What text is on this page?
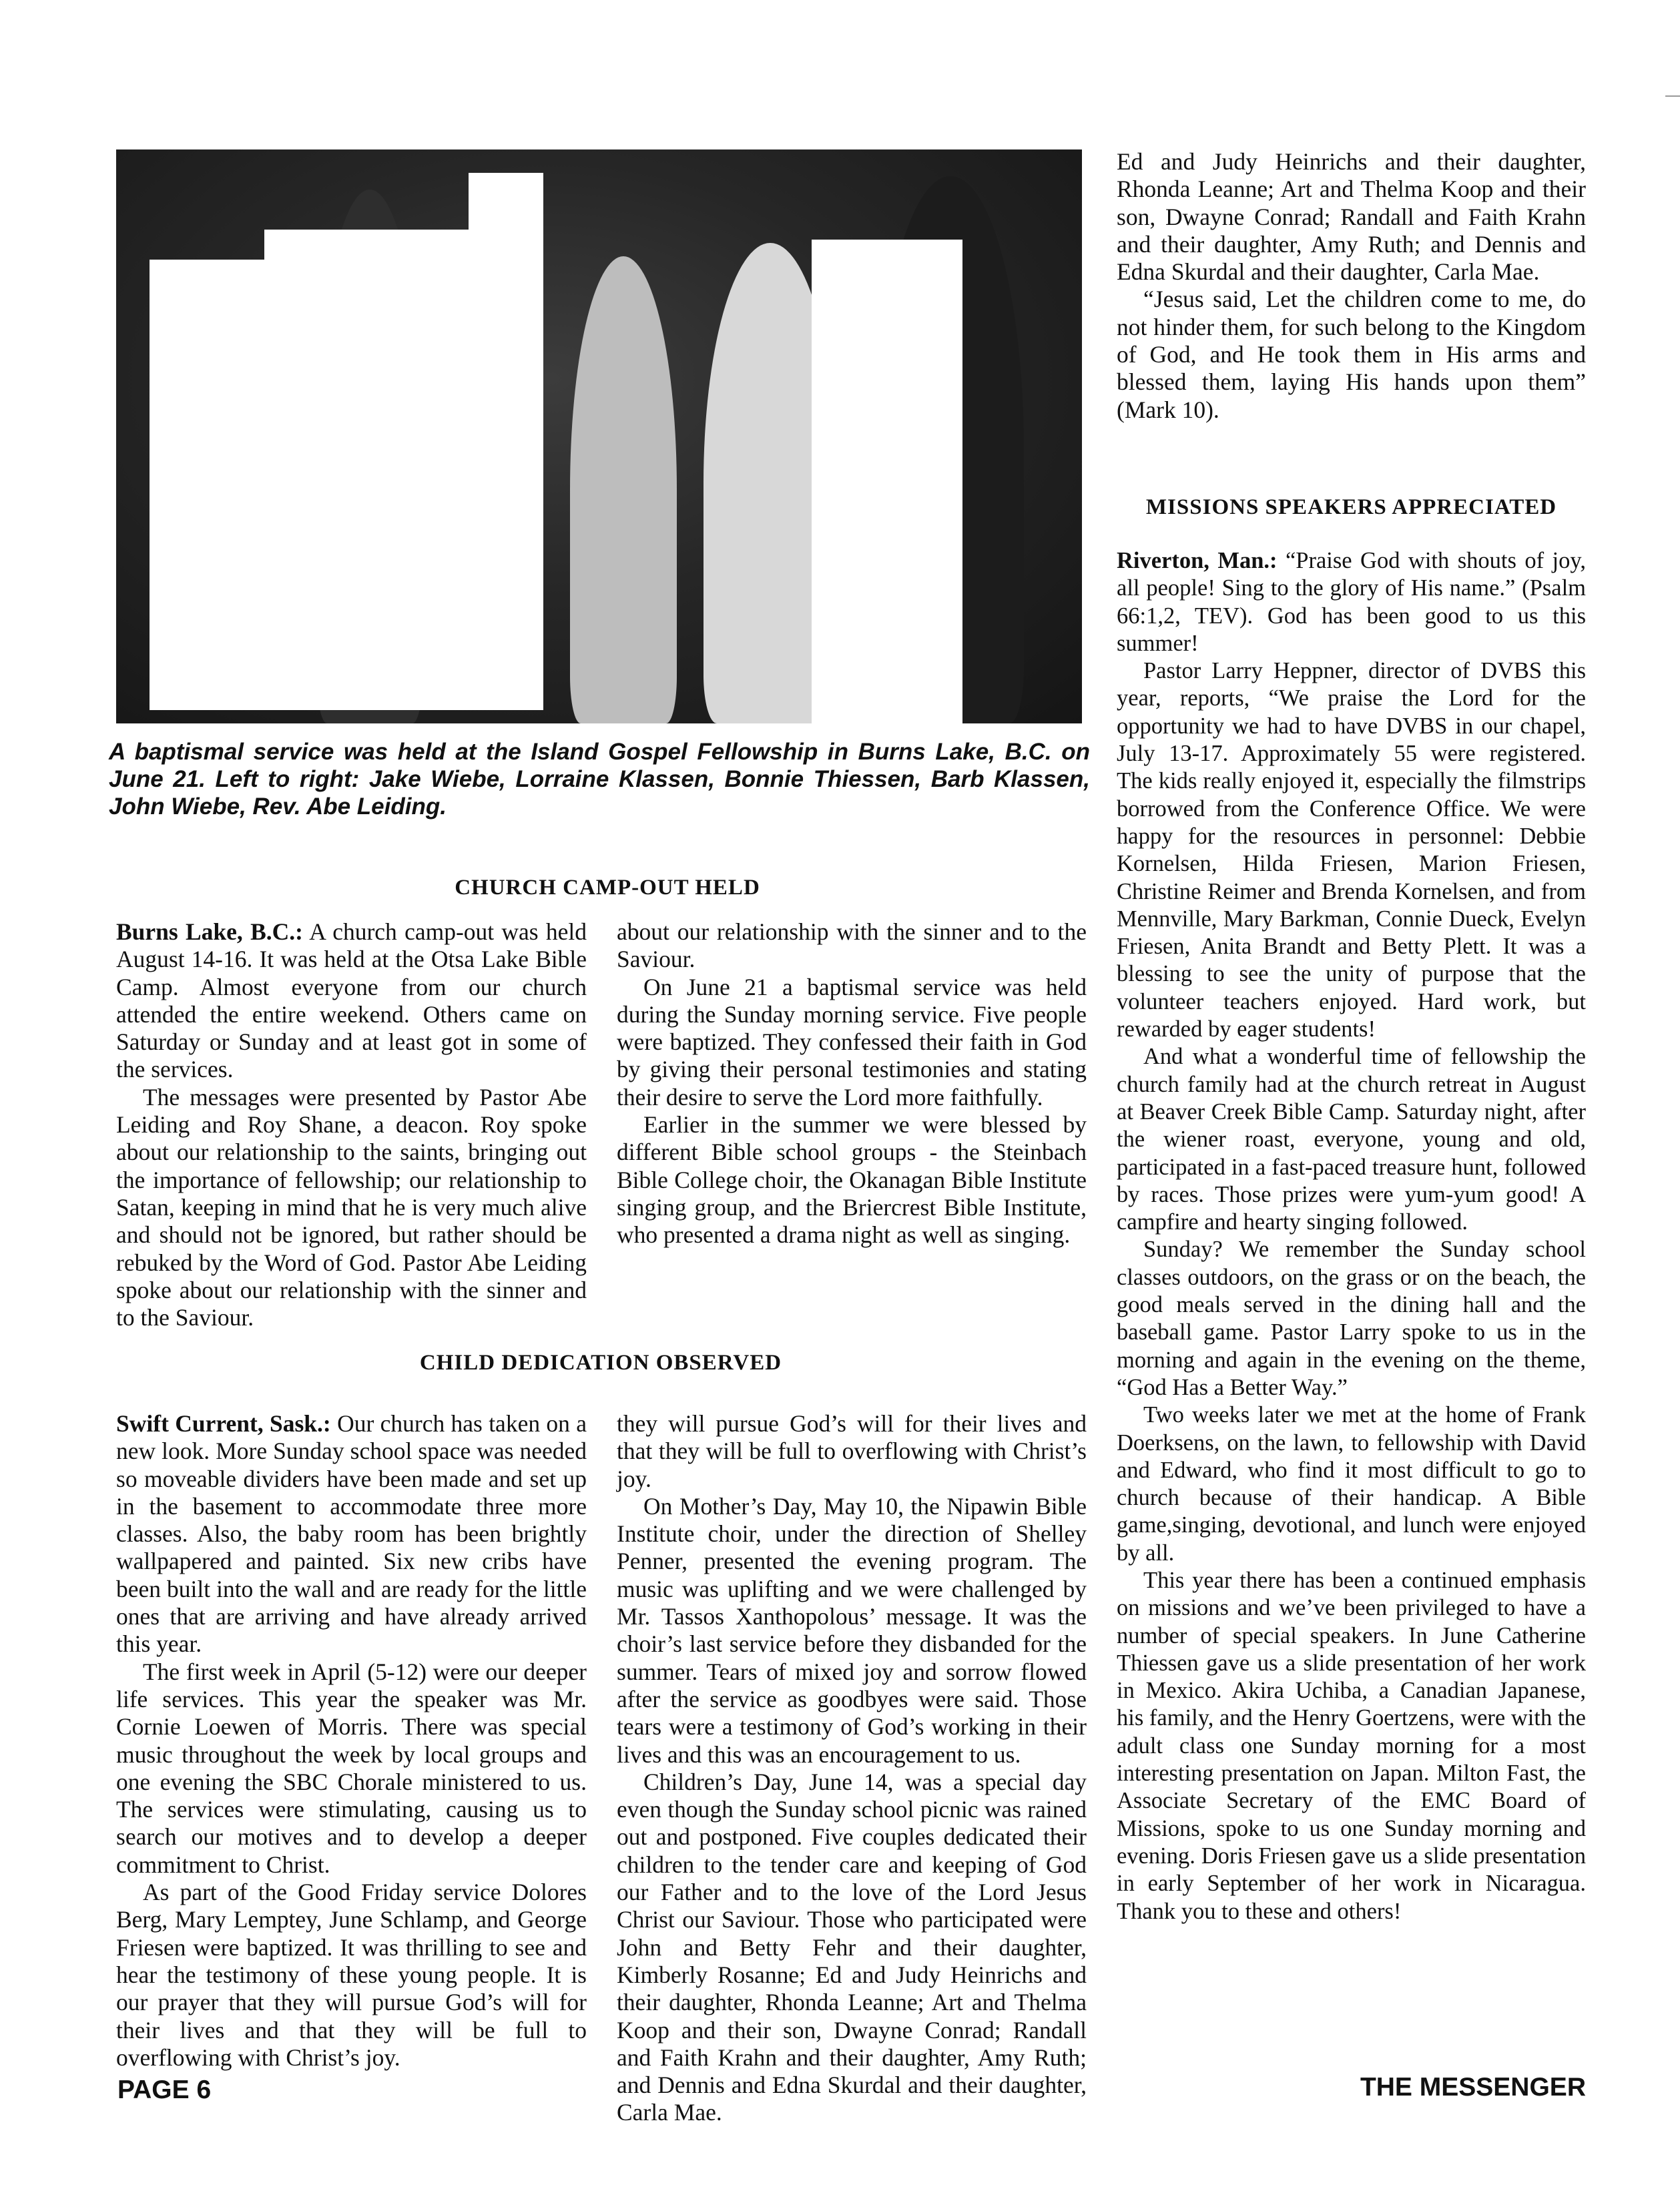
A baptismal service was held at the Island Gospel Fellowship in Burns Lake, B.C. on June 21. Left to right: Jake Wiebe, Lorraine Klassen, Bonnie Thiessen, Barb Klassen, John Wiebe, Rev. Abe Leiding.

CHURCH CAMP-OUT HELD

Burns Lake, B.C.: A church camp-out was held August 14-16. It was held at the Otsa Lake Bible Camp. Almost everyone from our church attended the entire weekend. Others came on Saturday or Sunday and at least got in some of the services.

The messages were presented by Pastor Abe Leiding and Roy Shane, a deacon. Roy spoke about our relationship to the saints, bringing out the importance of fellowship; our relationship to Satan, keeping in mind that he is very much alive and should not be ignored, but rather should be rebuked by the Word of God. Pastor Abe Leiding spoke about our relationship with the sinner and to the Saviour.

about our relationship with the sinner and to the Saviour.

On June 21 a baptismal service was held during the Sunday morning service. Five people were baptized. They confessed their faith in God by giving their personal testimonies and stating their desire to serve the Lord more faithfully.

Earlier in the summer we were blessed by different Bible school groups - the Steinbach Bible College choir, the Okanagan Bible Institute singing group, and the Briercrest Bible Institute, who presented a drama night as well as singing.

CHILD DEDICATION OBSERVED

Swift Current, Sask.: Our church has taken on a new look. More Sunday school space was needed so moveable dividers have been made and set up in the basement to accommodate three more classes. Also, the baby room has been brightly wallpapered and painted. Six new cribs have been built into the wall and are ready for the little ones that are arriving and have already arrived this year.

The first week in April (5-12) were our deeper life services. This year the speaker was Mr. Cornie Loewen of Morris. There was special music throughout the week by local groups and one evening the SBC Chorale ministered to us. The services were stimulating, causing us to search our motives and to develop a deeper commitment to Christ.

As part of the Good Friday service Dolores Berg, Mary Lemptey, June Schlamp, and George Friesen were baptized. It was thrilling to see and hear the testimony of these young people. It is our prayer that they will pursue God’s will for their lives and that they will be full to overflowing with Christ’s joy.

they will pursue God’s will for their lives and that they will be full to overflowing with Christ’s joy.

On Mother’s Day, May 10, the Nipawin Bible Institute choir, under the direction of Shelley Penner, presented the evening program. The music was uplifting and we were challenged by Mr. Tassos Xanthopolous’ message. It was the choir’s last service before they disbanded for the summer. Tears of mixed joy and sorrow flowed after the service as goodbyes were said. Those tears were a testimony of God’s working in their lives and this was an encouragement to us.

Children’s Day, June 14, was a special day even though the Sunday school picnic was rained out and postponed. Five couples dedicated their children to the tender care and keeping of God our Father and to the love of the Lord Jesus Christ our Saviour. Those who participated were John and Betty Fehr and their daughter, Kimberly Rosanne; Ed and Judy Heinrichs and their daughter, Rhonda Leanne; Art and Thelma Koop and their son, Dwayne Conrad; Randall and Faith Krahn and their daughter, Amy Ruth; and Dennis and Edna Skurdal and their daughter, Carla Mae.

Ed and Judy Heinrichs and their daughter, Rhonda Leanne; Art and Thelma Koop and their son, Dwayne Conrad; Randall and Faith Krahn and their daughter, Amy Ruth; and Dennis and Edna Skurdal and their daughter, Carla Mae.

“Jesus said, Let the children come to me, do not hinder them, for such belong to the Kingdom of God, and He took them in His arms and blessed them, laying His hands upon them” (Mark 10).

MISSIONS SPEAKERS APPRECIATED

Riverton, Man.: “Praise God with shouts of joy, all people! Sing to the glory of His name.” (Psalm 66:1,2, TEV). God has been good to us this summer!

Pastor Larry Heppner, director of DVBS this year, reports, “We praise the Lord for the opportunity we had to have DVBS in our chapel, July 13-17. Approximately 55 were registered. The kids really enjoyed it, especially the filmstrips borrowed from the Conference Office. We were happy for the resources in personnel: Debbie Kornelsen, Hilda Friesen, Marion Friesen, Christine Reimer and Brenda Kornelsen, and from Mennville, Mary Barkman, Connie Dueck, Evelyn Friesen, Anita Brandt and Betty Plett. It was a blessing to see the unity of purpose that the volunteer teachers enjoyed. Hard work, but rewarded by eager students!

And what a wonderful time of fellowship the church family had at the church retreat in August at Beaver Creek Bible Camp. Saturday night, after the wiener roast, everyone, young and old, participated in a fast-paced treasure hunt, followed by races. Those prizes were yum-yum good! A campfire and hearty singing followed.

Sunday? We remember the Sunday school classes outdoors, on the grass or on the beach, the good meals served in the dining hall and the baseball game. Pastor Larry spoke to us in the morning and again in the evening on the theme, “God Has a Better Way.”

Two weeks later we met at the home of Frank Doerksens, on the lawn, to fellowship with David and Edward, who find it most difficult to go to church because of their handicap. A Bible game,singing, devotional, and lunch were enjoyed by all.

This year there has been a continued emphasis on missions and we’ve been privileged to have a number of special speakers. In June Catherine Thiessen gave us a slide presentation of her work in Mexico. Akira Uchiba, a Canadian Japanese, his family, and the Henry Goertzens, were with the adult class one Sunday morning for a most interesting presentation on Japan. Milton Fast, the Associate Secretary of the EMC Board of Missions, spoke to us one Sunday morning and evening. Doris Friesen gave us a slide presentation in early September of her work in Nicaragua. Thank you to these and others!

PAGE 6	THE MESSENGER
